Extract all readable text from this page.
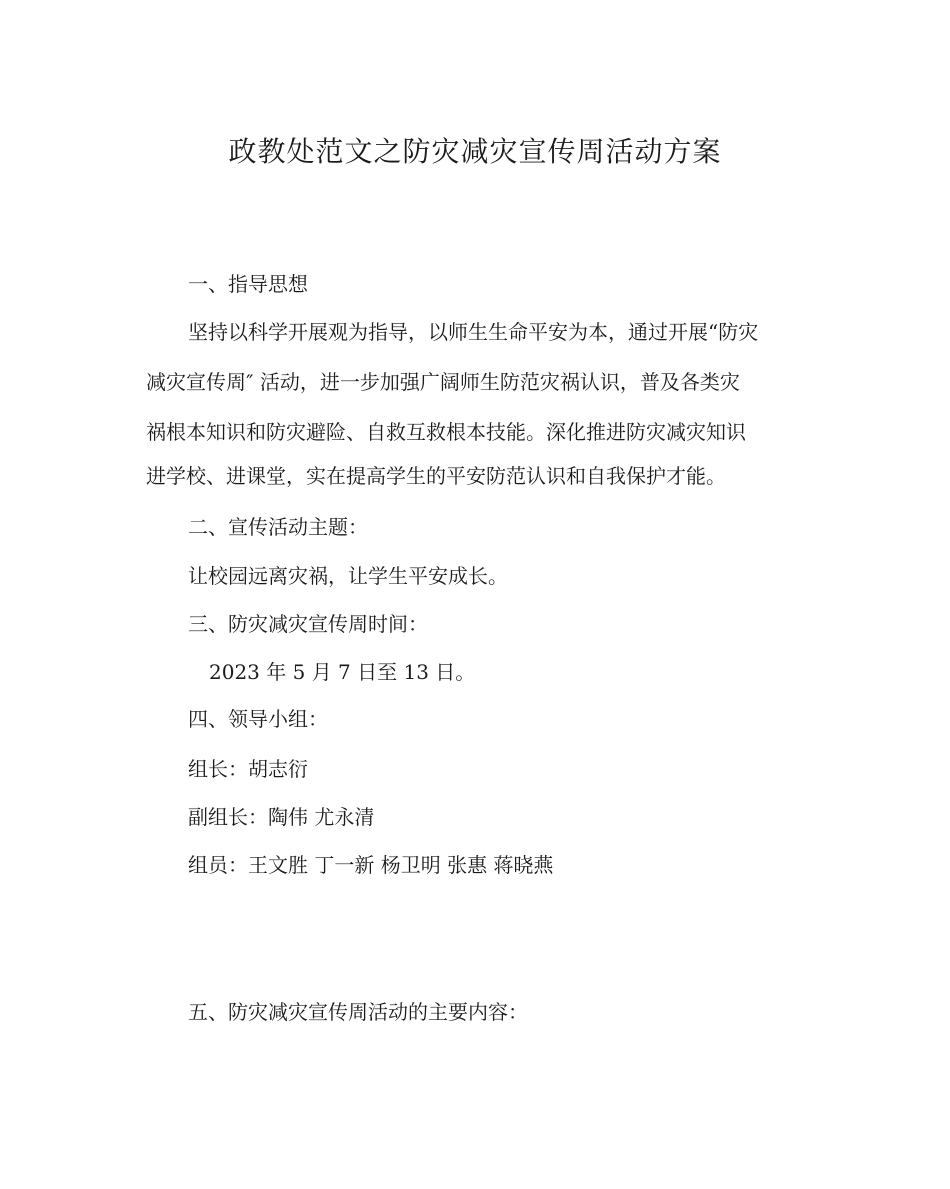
政教处范文之防灾减灾宣传周活动方案
一、指导思想
坚持以科学开展观为指导，以师生生命平安为本，通过开展“防灾
减灾宣传周″ 活动，进一步加强广阔师生防范灾祸认识，普及各类灾
祸根本知识和防灾避险、自救互救根本技能。深化推进防灾减灾知识
进学校、进课堂，实在提高学生的平安防范认识和自我保护才能。
二、宣传活动主题：
让校园远离灾祸，让学生平安成长。
三、防灾减灾宣传周时间：
2023 年 5 月 7 日至 13 日。
四、领导小组：
组长：胡志衍
副组长：陶伟 尤永清
组员：王文胜 丁一新 杨卫明 张惠 蒋晓燕
五、防灾减灾宣传周活动的主要内容：
